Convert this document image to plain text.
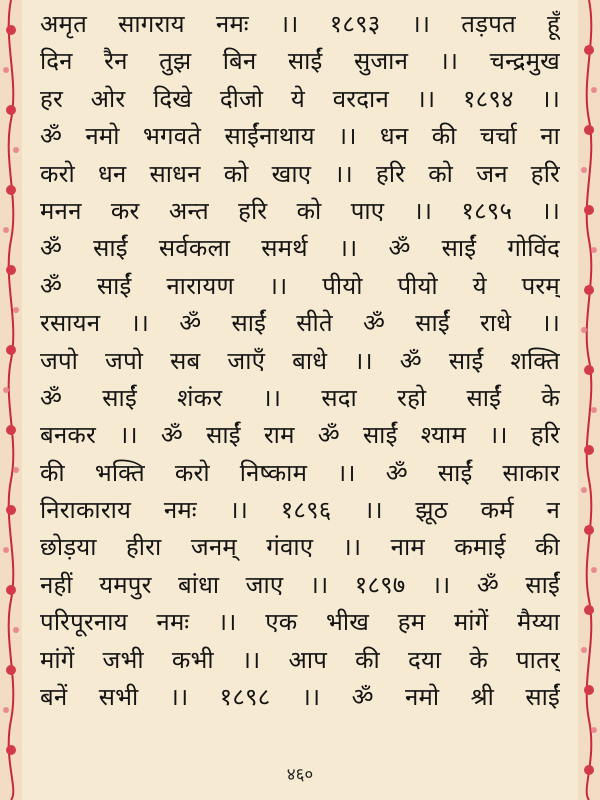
अमृत सागराय नमः ।। १८९३ ।। तड़पत हूँ
दिन रैन तुझ बिन साईं सुजान ।। चन्द्रमुख
हर ओर दिखे दीजो ये वरदान ।। १८९४ ।।
ॐ नमो भगवते साईंनाथाय ।। धन की चर्चा ना
करो धन साधन को खाए ।। हरि को जन हरि
मनन कर अन्त हरि को पाए ।। १८९५ ।।
ॐ साईं सर्वकला समर्थ ।। ॐ साईं गोविंद
ॐ साईं नारायण ।। पीयो पीयो ये परम्
रसायन ।। ॐ साईं सीते ॐ साईं राधे ।।
जपो जपो सब जाएँ बाधे ।। ॐ साईं शक्ति
ॐ साईं शंकर ।। सदा रहो साईं के
बनकर ।। ॐ साईं राम ॐ साईं श्याम ।। हरि
की भक्ति करो निष्काम ।। ॐ साईं साकार
निराकाराय नमः ।। १८९६ ।। झूठ कर्म न
छोड़या हीरा जनम् गंवाए ।। नाम कमाई की
नहीं यमपुर बांधा जाए ।। १८९७ ।। ॐ साईं
परिपूरनाय नमः ।। एक भीख हम मांगें मैय्या
मांगें जभी कभी ।। आप की दया के पातर्
बनें सभी ।। १८९८ ।। ॐ नमो श्री साईं
४६०
